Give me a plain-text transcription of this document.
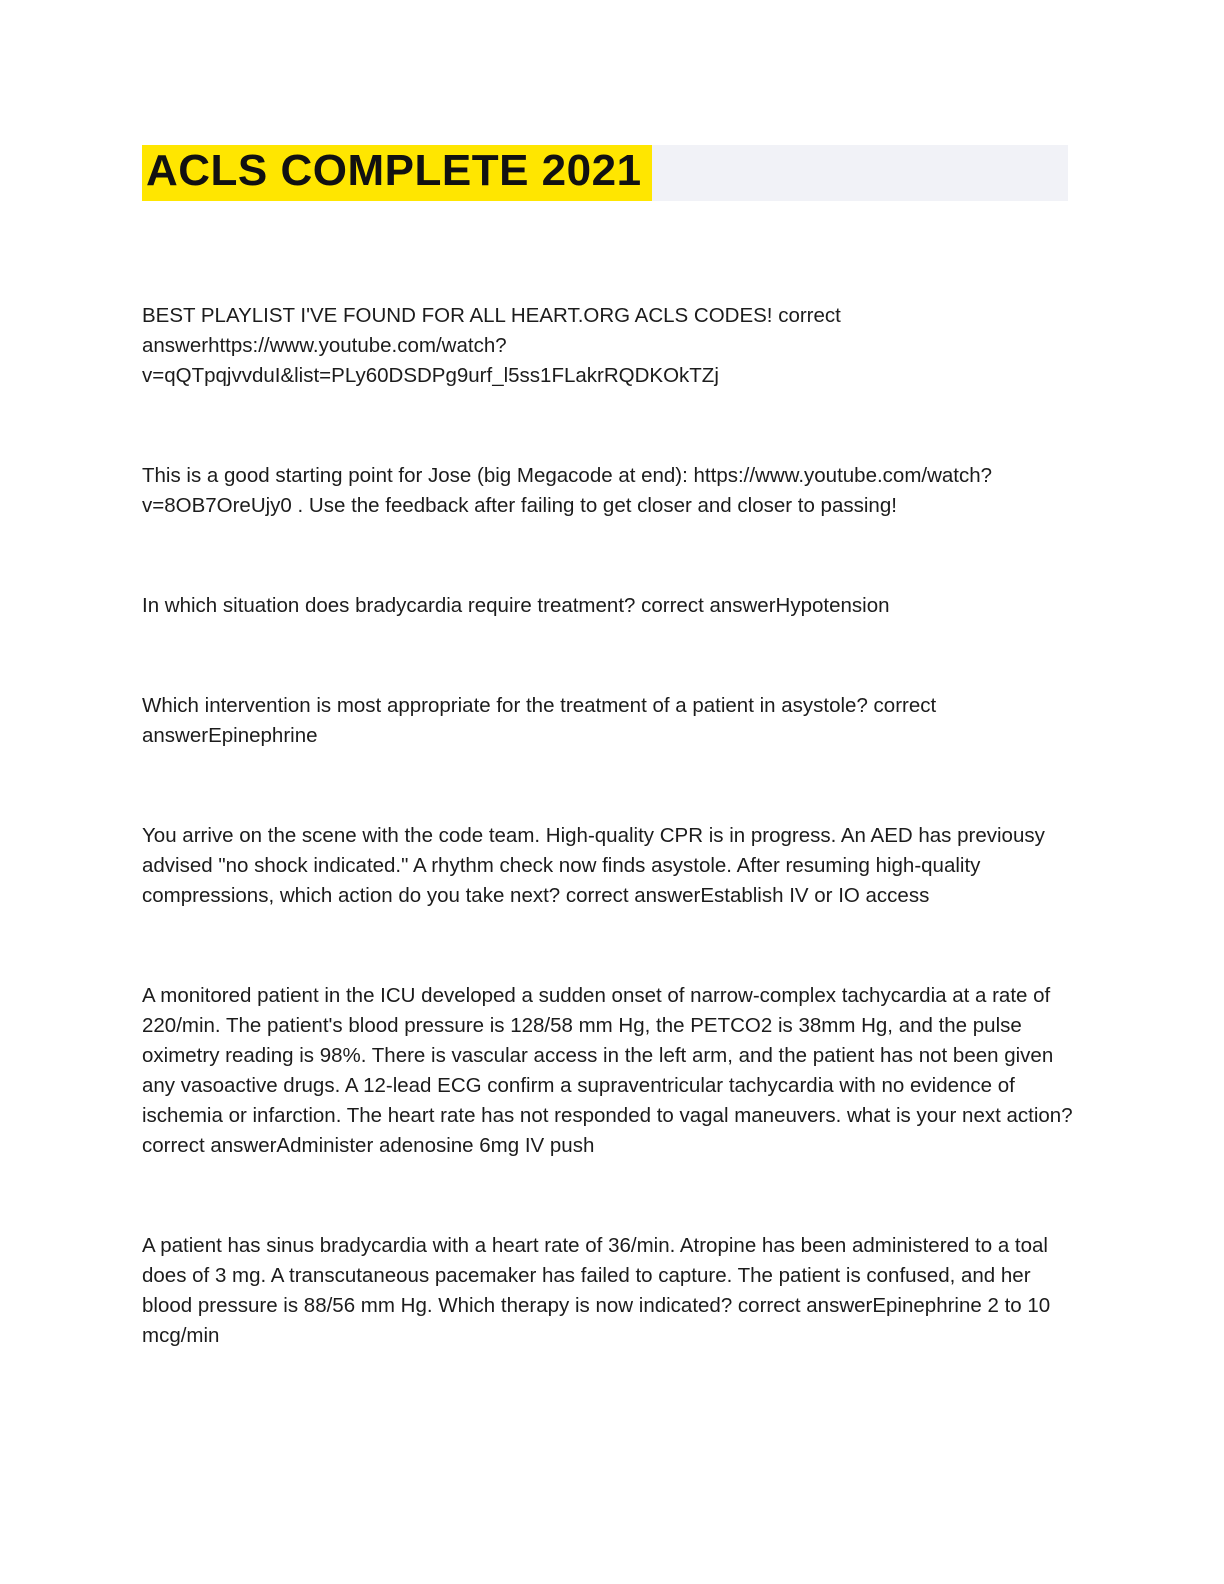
ACLS COMPLETE 2021

BEST PLAYLIST I'VE FOUND FOR ALL HEART.ORG ACLS CODES! correct answerhttps://www.youtube.com/watch?v=qQTpqjvvduI&list=PLy60DSDPg9urf_l5ss1FLakrRQDKOkTZj

This is a good starting point for Jose (big Megacode at end): https://www.youtube.com/watch?v=8OB7OreUjy0 . Use the feedback after failing to get closer and closer to passing!

In which situation does bradycardia require treatment? correct answerHypotension

Which intervention is most appropriate for the treatment of a patient in asystole? correct answerEpinephrine

You arrive on the scene with the code team. High-quality CPR is in progress. An AED has previousy advised "no shock indicated." A rhythm check now finds asystole. After resuming high-quality compressions, which action do you take next? correct answerEstablish IV or IO access

A monitored patient in the ICU developed a sudden onset of narrow-complex tachycardia at a rate of 220/min. The patient's blood pressure is 128/58 mm Hg, the PETCO2 is 38mm Hg, and the pulse oximetry reading is 98%. There is vascular access in the left arm, and the patient has not been given any vasoactive drugs. A 12-lead ECG confirm a supraventricular tachycardia with no evidence of ischemia or infarction. The heart rate has not responded to vagal maneuvers. what is your next action? correct answerAdminister adenosine 6mg IV push

A patient has sinus bradycardia with a heart rate of 36/min. Atropine has been administered to a toal does of 3 mg. A transcutaneous pacemaker has failed to capture. The patient is confused, and her blood pressure is 88/56 mm Hg. Which therapy is now indicated? correct answerEpinephrine 2 to 10 mcg/min
